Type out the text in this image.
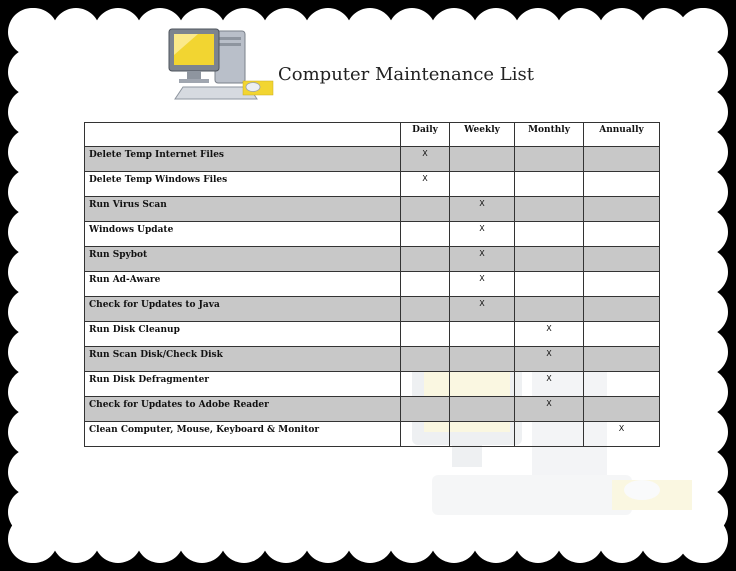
Computer Maintenance List
	Daily	Weekly	Monthly	Annually
Delete Temp Internet Files	X			
Delete Temp Windows Files	X			
Run Virus Scan		X		
Windows Update		X		
Run Spybot		X		
Run Ad-Aware		X		
Check for Updates to Java		X		
Run Disk Cleanup			X	
Run Scan Disk/Check Disk			X	
Run Disk Defragmenter			X	
Check for Updates to Adobe Reader			X	
Clean Computer, Mouse, Keyboard & Monitor				X
